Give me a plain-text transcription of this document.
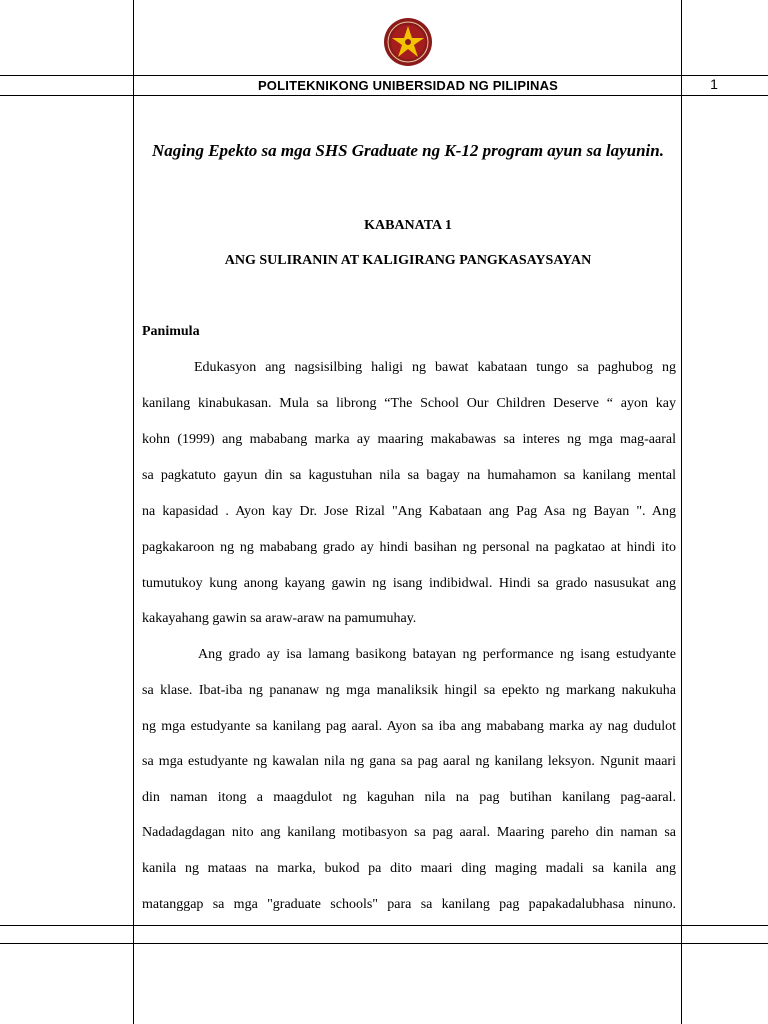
POLITEKNIKONG UNIBERSIDAD NG PILIPINAS	1
Naging Epekto sa mga SHS Graduate ng K-12 program ayun sa layunin.
KABANATA 1
ANG SULIRANIN AT KALIGIRANG PANGKASAYSAYAN
Panimula
Edukasyon ang nagsisilbing haligi ng bawat kabataan tungo sa paghubog ng
kanilang kinabukasan. Mula sa librong “The School Our Children Deserve “ ayon kay
kohn (1999) ang mababang marka ay maaring makabawas sa interes ng mga mag-aaral
sa pagkatuto gayun din sa kagustuhan nila sa bagay na humahamon sa kanilang mental
na kapasidad . Ayon kay Dr. Jose Rizal "Ang Kabataan ang Pag Asa ng Bayan ". Ang
pagkakaroon ng ng mababang grado ay hindi basihan ng personal na pagkatao at hindi ito
tumutukoy kung anong kayang gawin ng isang indibidwal. Hindi sa grado nasusukat ang
kakayahang gawin sa araw-araw na pamumuhay.
Ang grado ay isa lamang basikong batayan ng performance ng isang estudyante
sa klase. Ibat-iba ng pananaw ng mga manaliksik hingil sa epekto ng markang nakukuha
ng mga estudyante sa kanilang pag aaral. Ayon sa iba ang mababang marka ay nag dudulot
sa mga estudyante ng kawalan nila ng gana sa pag aaral ng kanilang leksyon. Ngunit maari
din naman itong a maagdulot ng kaguhan nila na pag butihan kanilang pag-aaral.
Nadadagdagan nito ang kanilang motibasyon sa pag aaral. Maaring pareho din naman sa
kanila ng mataas na marka, bukod pa dito maari ding maging madali sa kanila ang
matanggap sa mga "graduate schools" para sa kanilang pag papakadalubhasa ninuno.
